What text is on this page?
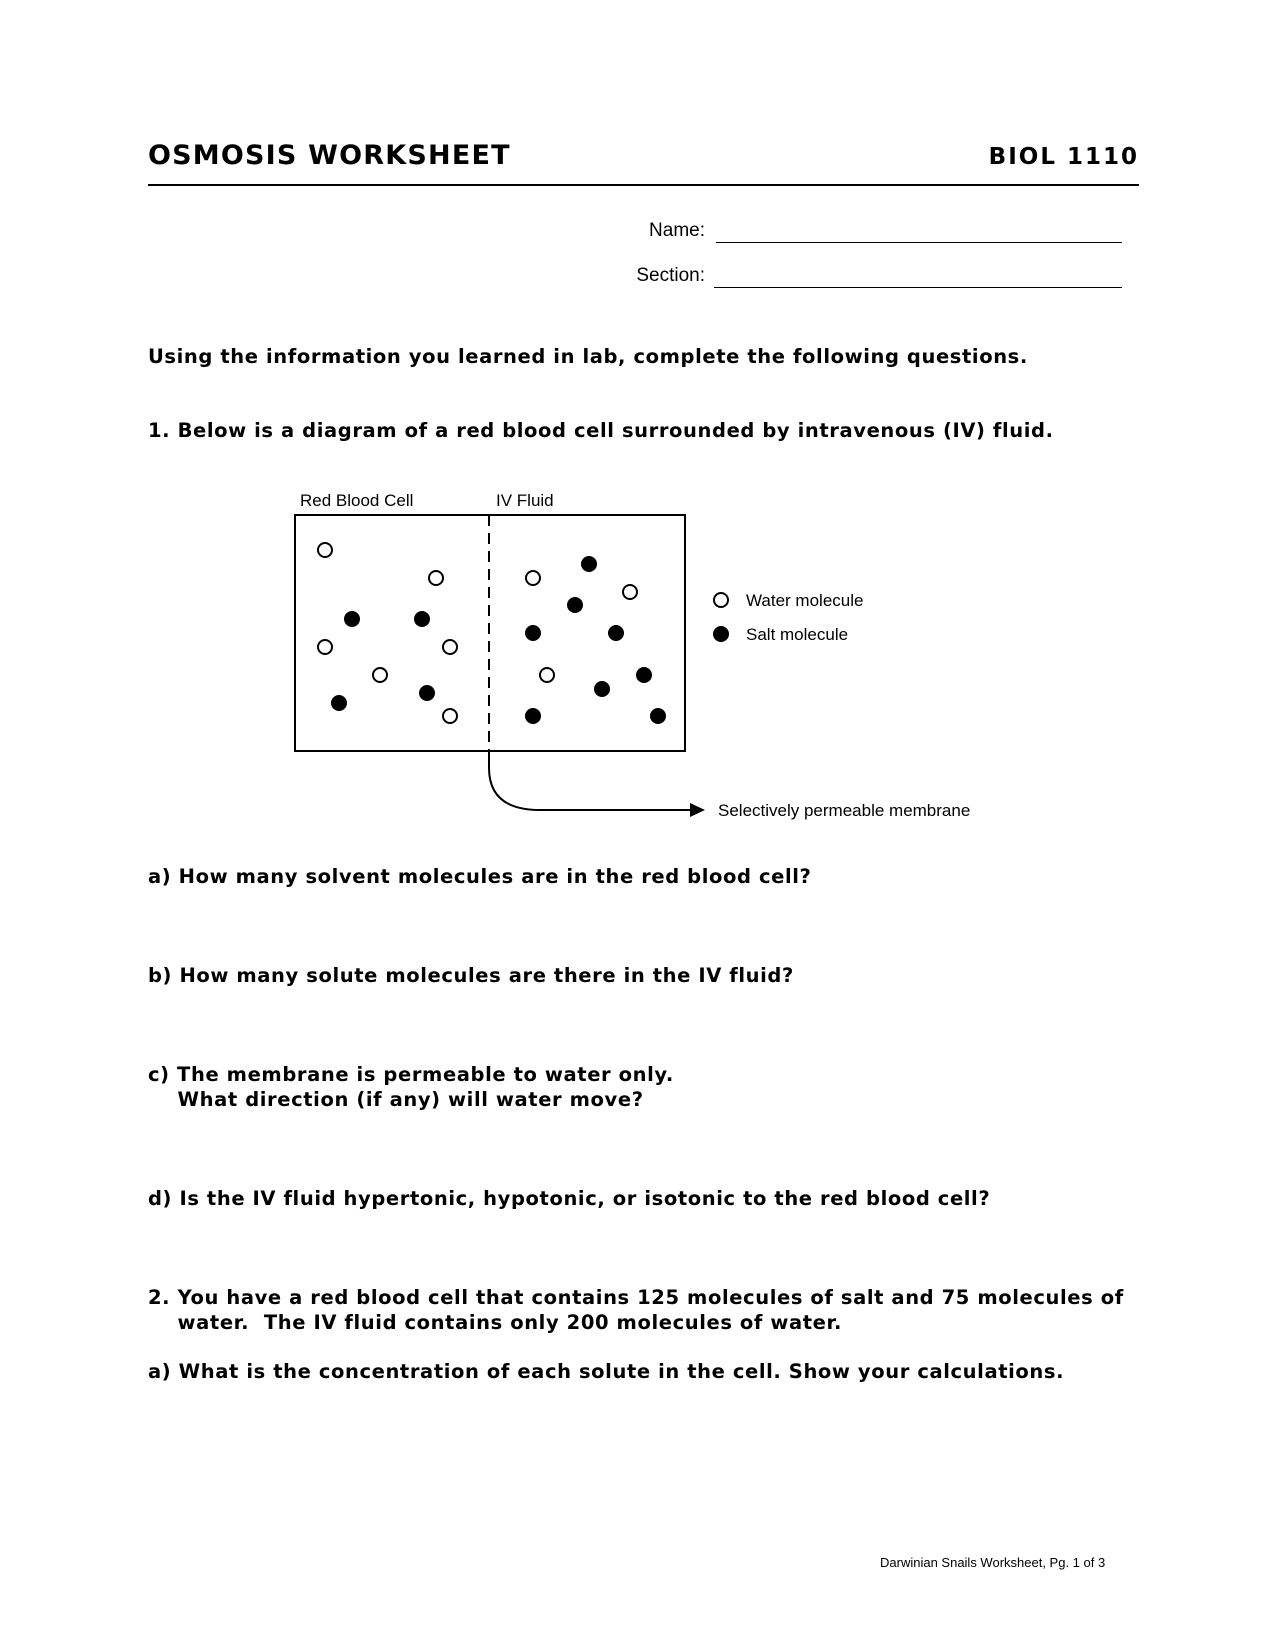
OSMOSIS WORKSHEET	BIOL 1110
Name:
Section:
Using the information you learned in lab, complete the following questions.
1. Below is a diagram of a red blood cell surrounded by intravenous (IV) fluid.
Red Blood Cell	IV Fluid
Water molecule
Salt molecule
Selectively permeable membrane
a) How many solvent molecules are in the red blood cell?
b) How many solute molecules are there in the IV fluid?
c) The membrane is permeable to water only.
What direction (if any) will water move?
d) Is the IV fluid hypertonic, hypotonic, or isotonic to the red blood cell?
2. You have a red blood cell that contains 125 molecules of salt and 75 molecules of
water.  The IV fluid contains only 200 molecules of water.
a) What is the concentration of each solute in the cell. Show your calculations.
Darwinian Snails Worksheet, Pg. 1 of 3
